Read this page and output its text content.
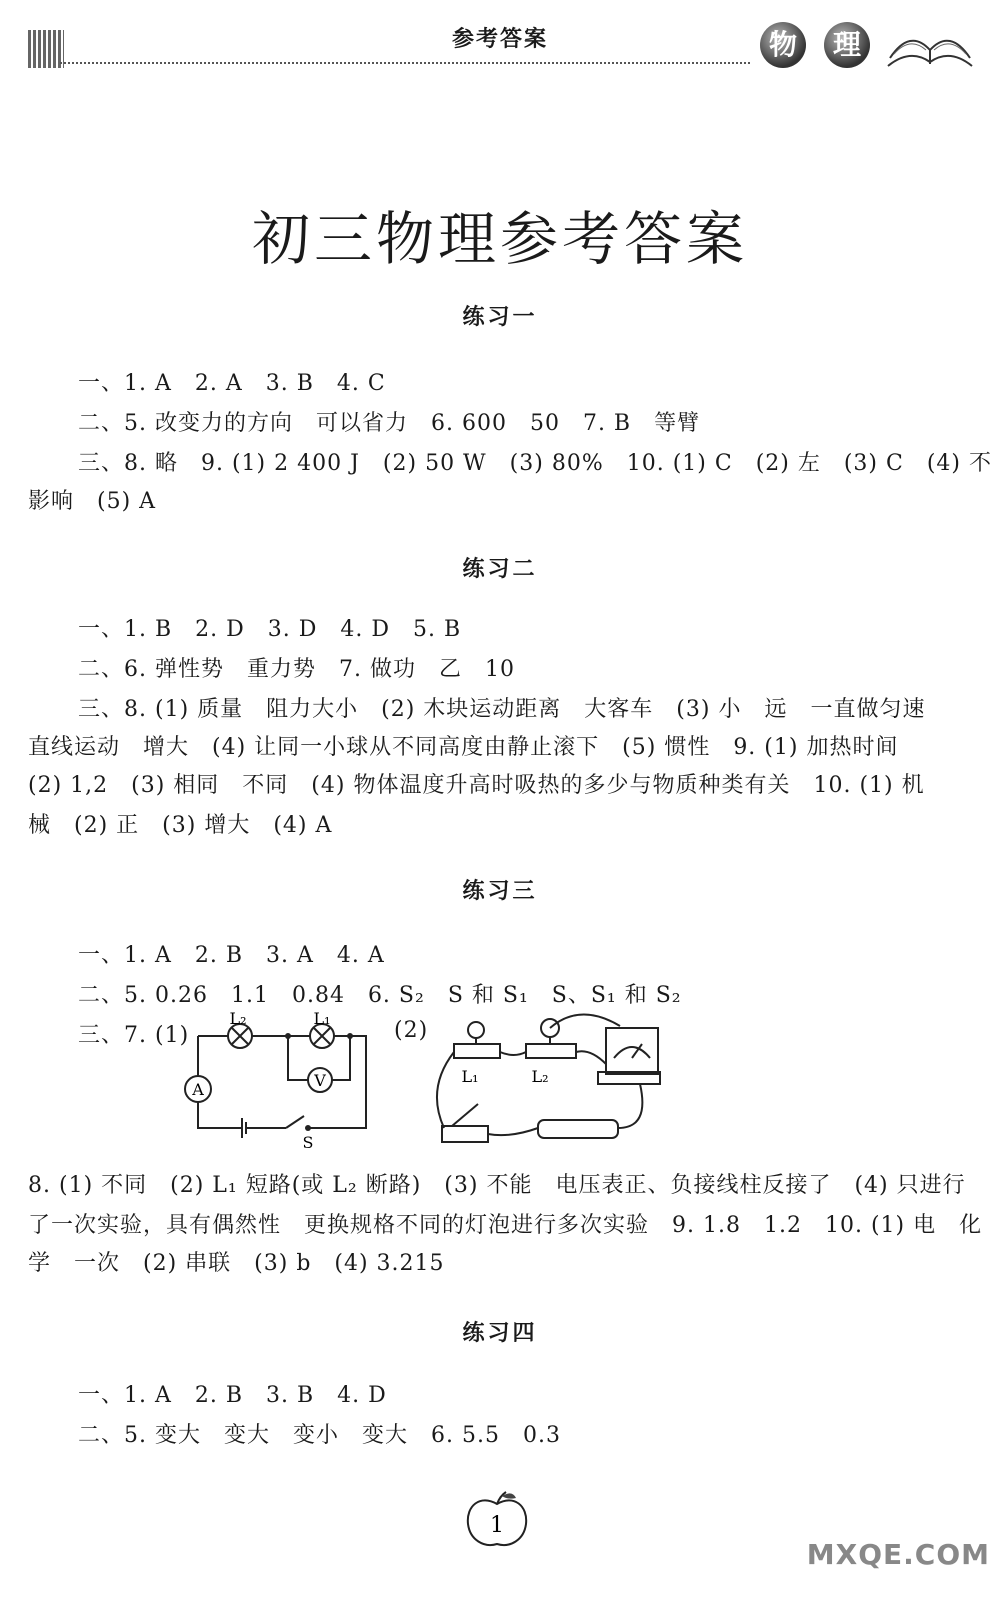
参考答案	物	理
初三物理参考答案
练习一
一、1. A　2. A　3. B　4. C
二、5. 改变力的方向　可以省力　6. 600　50　7. B　等臂
三、8. 略　9. (1) 2 400 J　(2) 50 W　(3) 80%　10. (1) C　(2) 左　(3) C　(4) 不
影响　(5) A
练习二
一、1. B　2. D　3. D　4. D　5. B
二、6. 弹性势　重力势　7. 做功　乙　10
三、8. (1) 质量　阻力大小　(2) 木块运动距离　大客车　(3) 小　远　一直做匀速
直线运动　增大　(4) 让同一小球从不同高度由静止滚下　(5) 惯性　9. (1) 加热时间
(2) 1,2　(3) 相同　不同　(4) 物体温度升高时吸热的多少与物质种类有关　10. (1) 机
械　(2) 正　(3) 增大　(4) A
练习三
一、1. A　2. B　3. A　4. A
二、5. 0.26　1.1　0.84　6. S₂　S 和 S₁　S、S₁ 和 S₂
三、7. (1)
L₂	L₁
V
A
S
(2)
L₁	L₂
8. (1) 不同　(2) L₁ 短路(或 L₂ 断路)　(3) 不能　电压表正、负接线柱反接了　(4) 只进行
了一次实验，具有偶然性　更换规格不同的灯泡进行多次实验　9. 1.8　1.2　10. (1) 电　化
学　一次　(2) 串联　(3) b　(4) 3.215
练习四
一、1. A　2. B　3. B　4. D
二、5. 变大　变大　变小　变大　6. 5.5　0.3
1
MXQE.COM
